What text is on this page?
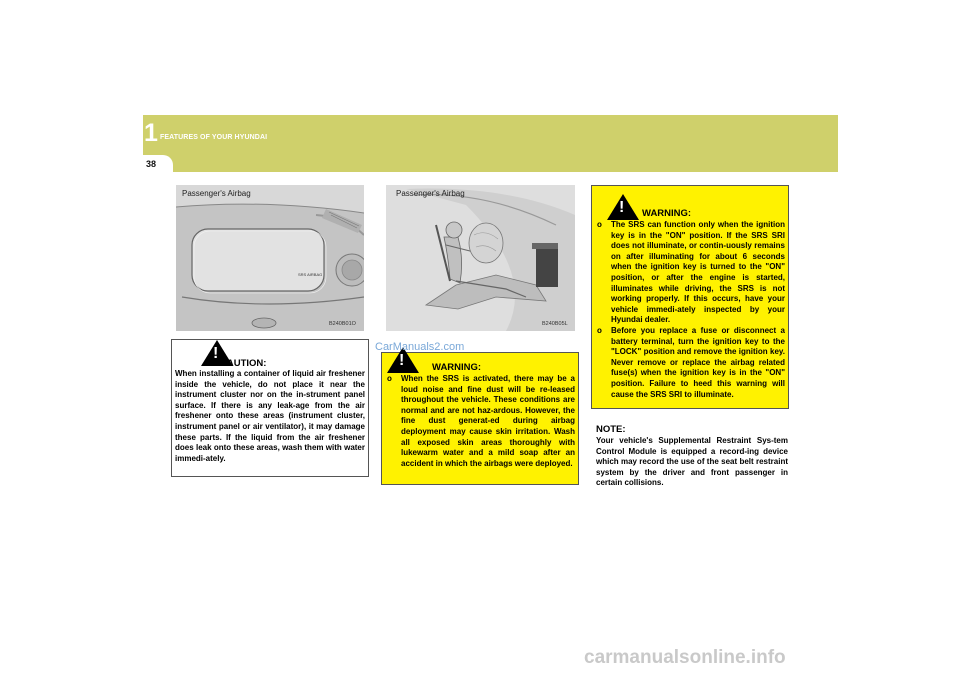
1 FEATURES OF YOUR HYUNDAI
38
Passenger's Airbag
SRS AIRBAG
B240B01O
Passenger's Airbag
B240B05L
!
CAUTION:
When installing a container of liquid air freshener inside the vehicle, do not place it near the instrument cluster nor on the in-strument panel surface. If there is any leak-age from the air freshener onto these areas (instrument cluster, instrument panel or air ventilator), it may damage these parts. If the liquid from the air freshener does leak onto these areas, wash them with water immedi-ately.
!	WARNING:
o	When the SRS is activated, there may be a loud noise and fine dust will be re-leased throughout the vehicle. These conditions are normal and are not haz-ardous. However, the fine dust generat-ed during airbag deployment may cause skin irritation. Wash all exposed skin areas thoroughly with lukewarm water and a mild soap after an accident in which the airbags were deployed.
! WARNING:
o	The SRS can function only when the ignition key is in the "ON" position. If the SRS SRI does not illuminate, or contin-uously remains on after illuminating for about 6 seconds when the ignition key is turned to the "ON" position, or after the engine is started, illuminates while driving, the SRS is not working properly. If this occurs, have your vehicle immedi-ately inspected by your Hyundai dealer.
o	Before you replace a fuse or disconnect a battery terminal, turn the ignition key to the "LOCK" position and remove the ignition key. Never remove or replace the airbag related fuse(s) when the ignition key is in the "ON" position. Failure to heed this warning will cause the SRS SRI to illuminate.
NOTE:
Your vehicle's Supplemental Restraint Sys-tem Control Module is equipped a record-ing device which may record the use of the seat belt restraint system by the driver and front passenger in certain collisions.
CarManuals2.com
carmanualsonline.info
